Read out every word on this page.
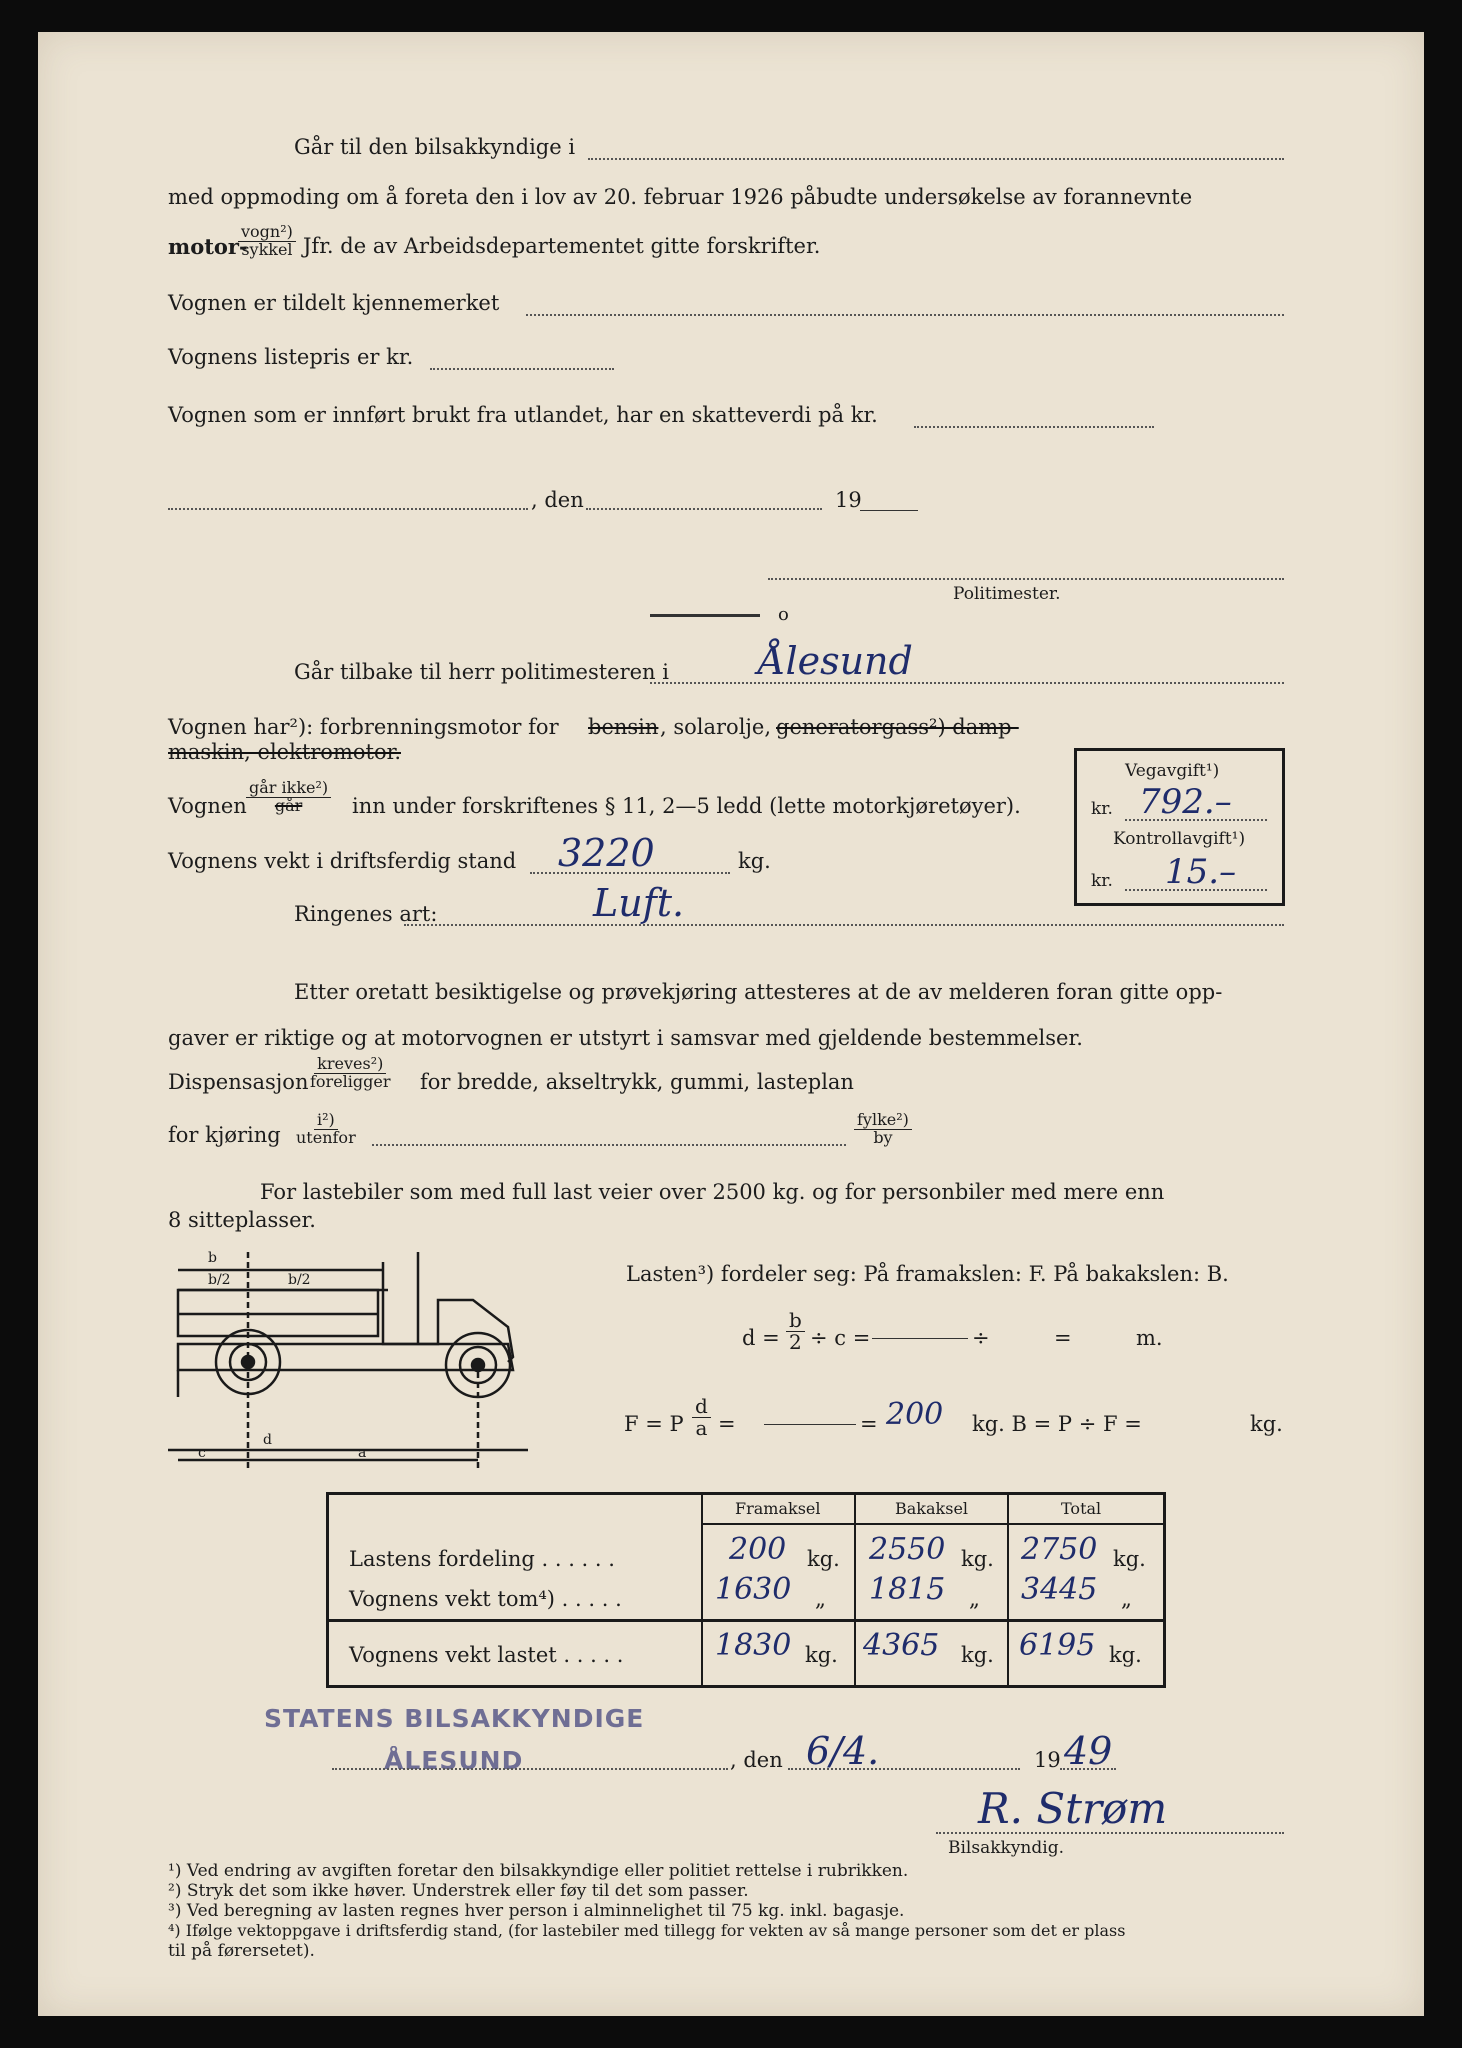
Går til den bilsakkyndige i
med oppmoding om å foreta den i lov av 20. februar 1926 påbudte undersøkelse av forannevnte
motor-
vogn²)
sykkel Jfr. de av Arbeidsdepartementet gitte forskrifter.
Vognen er tildelt kjennemerket
Vognens listepris er kr.
Vognen som er innført brukt fra utlandet, har en skatteverdi på kr.
, den	19
Politimester.
o
Går tilbake til herr politimesteren i Ålesund
Vognen har²): forbrenningsmotor for bensin , solarolje, generatorgass²) damp-
maskin, elektromotor.
Vognen
går ikke²)
går inn under forskriftenes § 11, 2—5 ledd (lette motorkjøretøyer).
Vognens vekt i driftsferdig stand 3220	kg.
Ringenes art:	Luft.
Vegavgift¹)
kr. 792.–
Kontrollavgift¹)
kr. 15.–
Etter oretatt besiktigelse og prøvekjøring attesteres at de av melderen foran gitte opp-
gaver er riktige og at motorvognen er utstyrt i samsvar med gjeldende bestemmelser.
Dispensasjon
kreves²)
foreligger for bredde, akseltrykk, gummi, lasteplan
for kjøring
i²)
utenfor
fylke²)
by
For lastebiler som med full last veier over 2500 kg. og for personbiler med mere enn
8 sitteplasser.
b
b/2	b/2
c
d
a
Lasten³) fordeler seg: På framakslen: F. På bakakslen: B.
$d = \frac{b}{2} \div c$ =	÷	=	m.
F = P $\frac{d}{a}$ =	= 200 kg. B = P ÷ F =	kg.
Framaksel	Bakaksel	Total
Lastens fordeling . . . . . .	200 kg. 2550 kg. 2750 kg.
Vognens vekt tom⁴) . . . . .	1630 „ 1815 „ 3445 „
Vognens vekt lastet . . . . .	1830 kg. 4365 kg. 6195 kg.
STATENS BILSAKKYNDIGE
ÅLESUND	, den 6/4.	19 49
R. Strøm
Bilsakkyndig.
¹) Ved endring av avgiften foretar den bilsakkyndige eller politiet rettelse i rubrikken.
²) Stryk det som ikke høver. Understrek eller føy til det som passer.
³) Ved beregning av lasten regnes hver person i alminnelighet til 75 kg. inkl. bagasje.
⁴) Ifølge vektoppgave i driftsferdig stand, (for lastebiler med tillegg for vekten av så mange personer som det er plass
til på førersetet).
